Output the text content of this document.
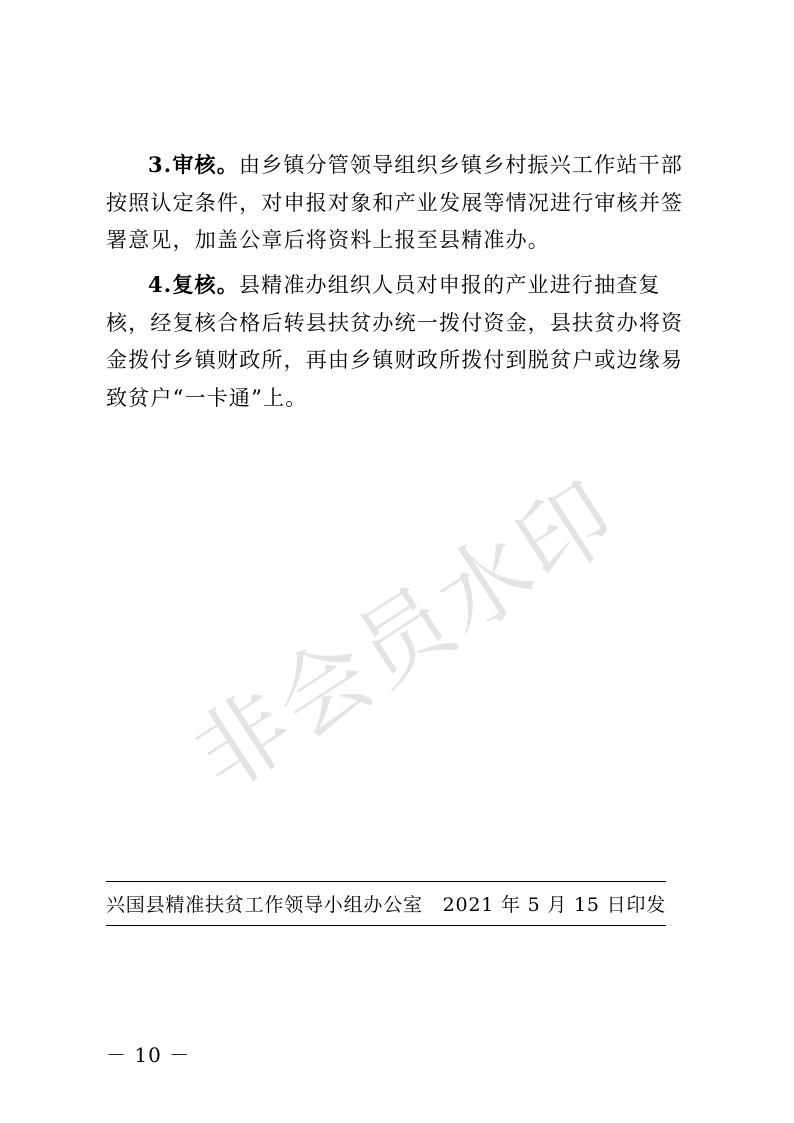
3.审核。由乡镇分管领导组织乡镇乡村振兴工作站干部按照认定条件，对申报对象和产业发展等情况进行审核并签署意见，加盖公章后将资料上报至县精准办。

4.复核。县精准办组织人员对申报的产业进行抽查复核，经复核合格后转县扶贫办统一拨付资金，县扶贫办将资金拨付乡镇财政所，再由乡镇财政所拨付到脱贫户或边缘易致贫户“一卡通”上。

非会员水印
兴国县精准扶贫工作领导小组办公室 2021 年 5 月 15 日印发
－ 10 －
